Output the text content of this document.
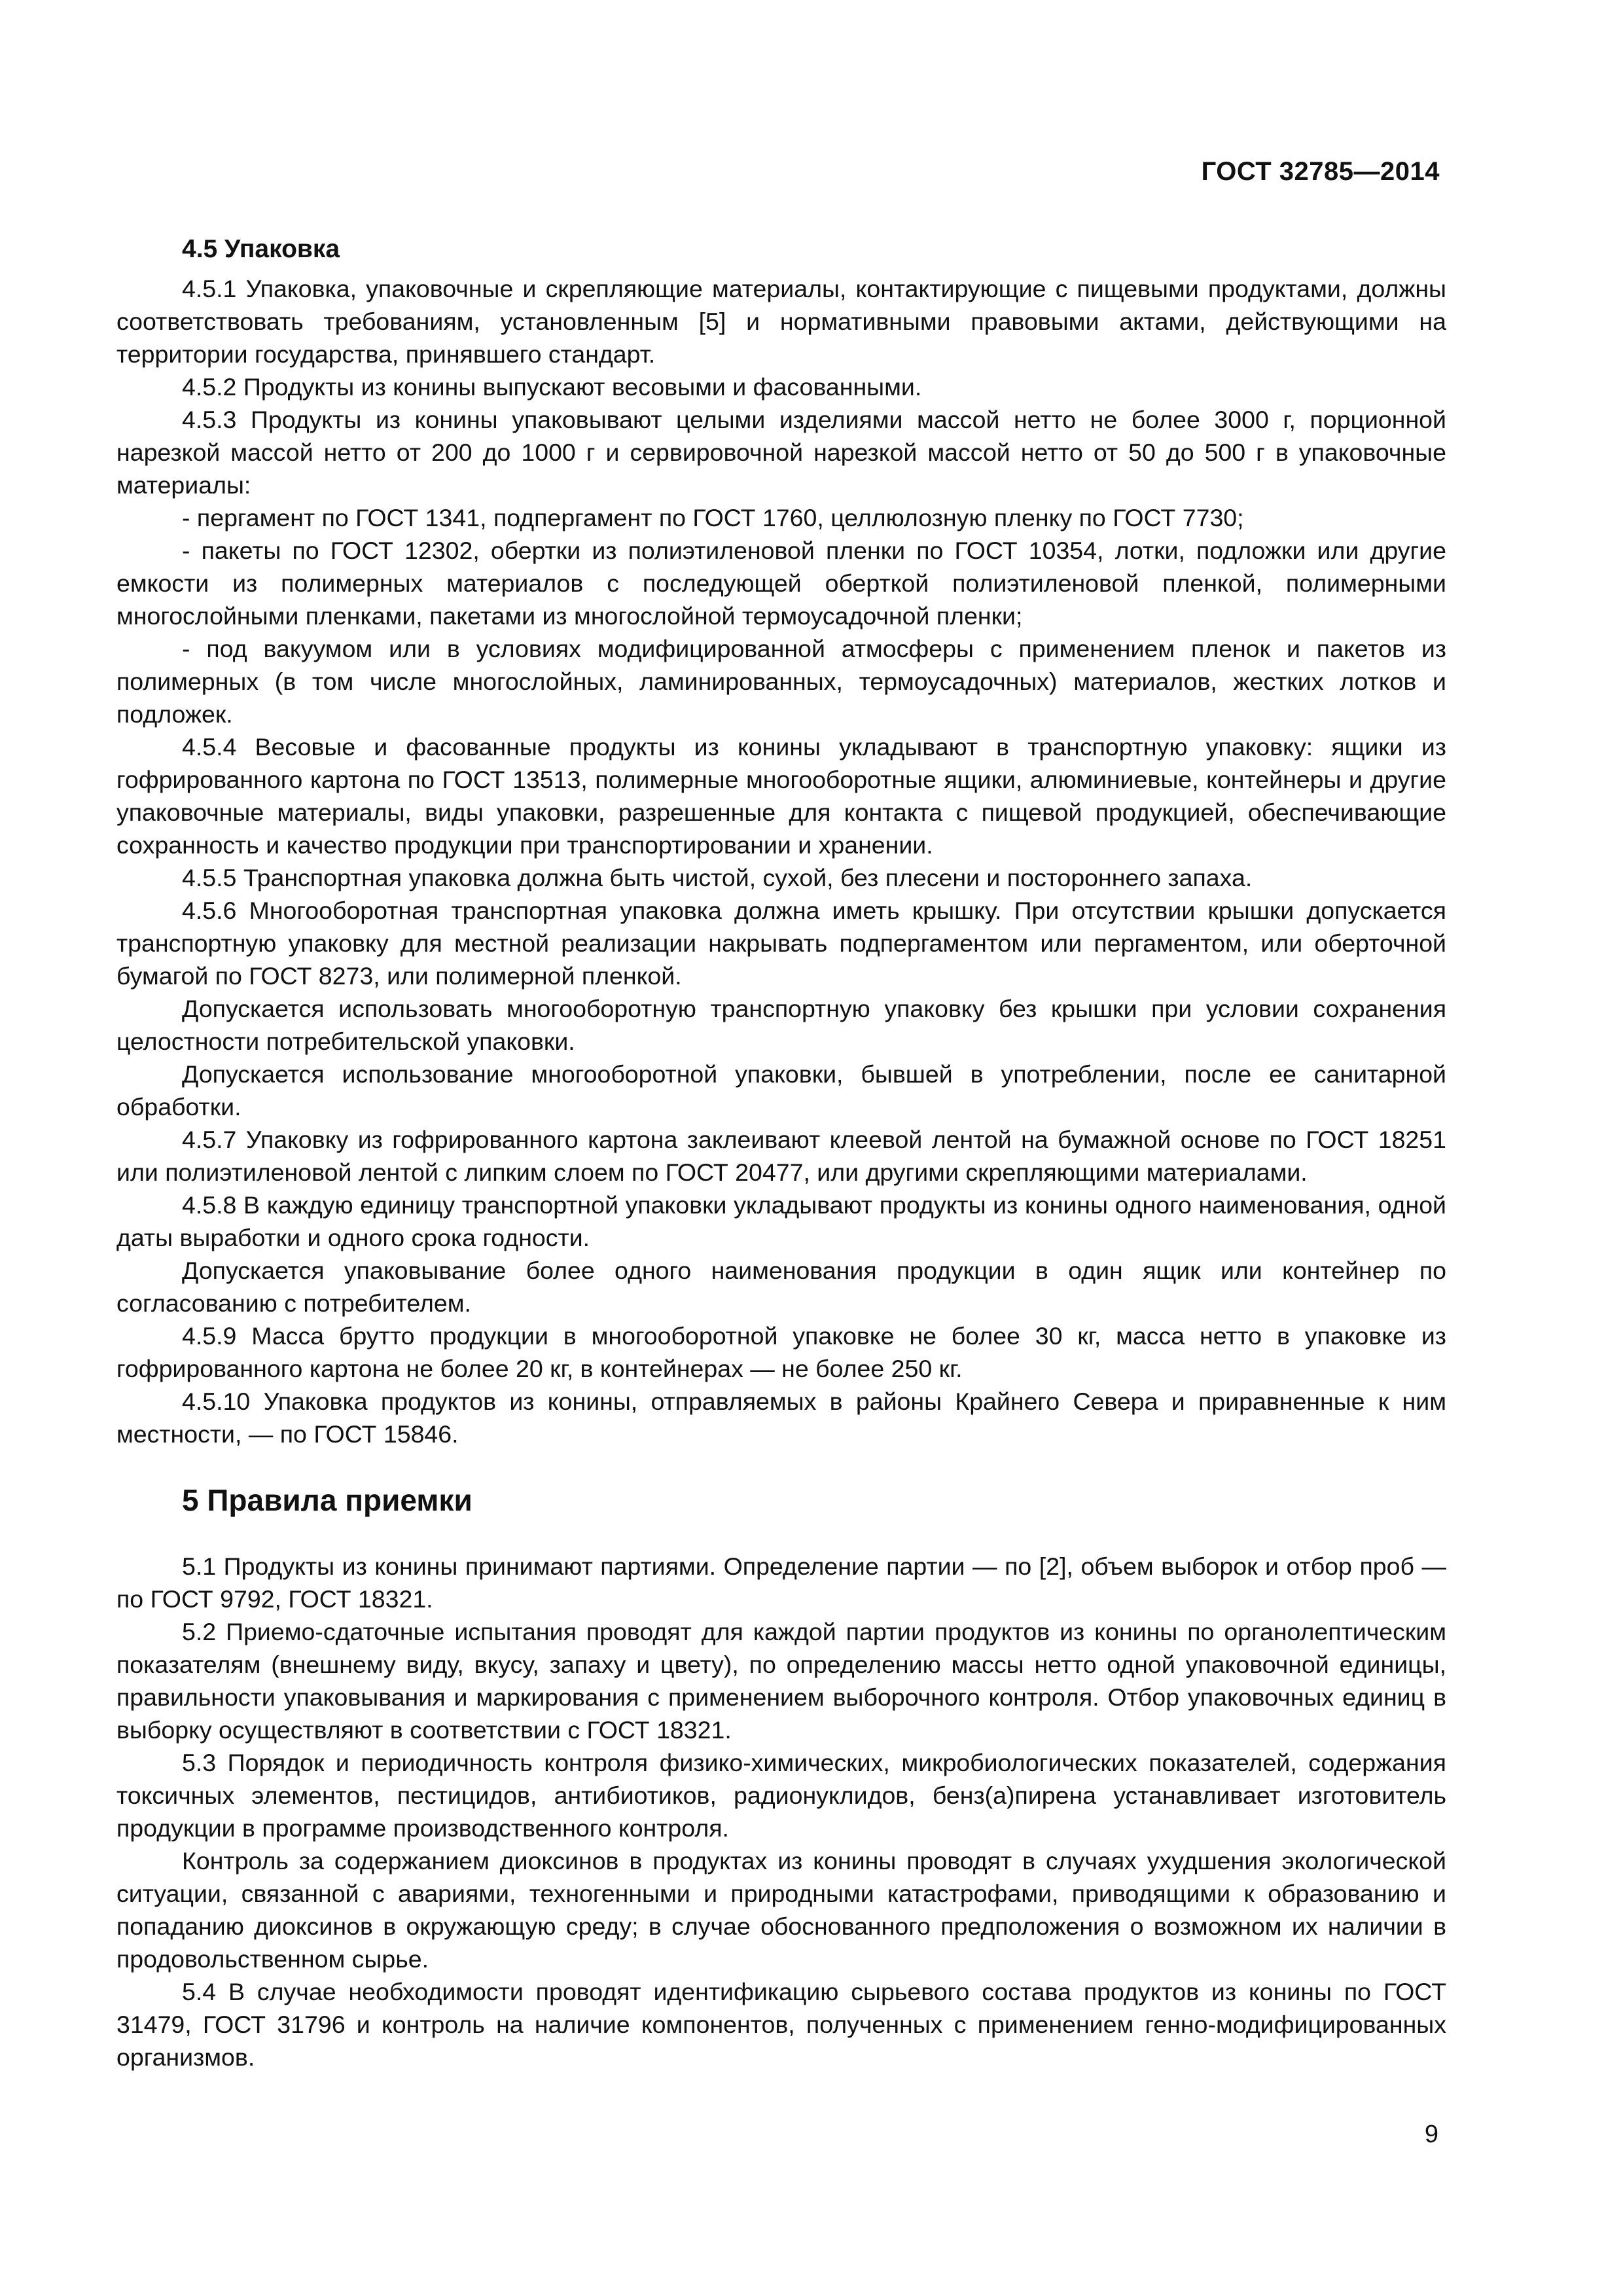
ГОСТ 32785—2014
4.5 Упаковка

4.5.1 Упаковка, упаковочные и скрепляющие материалы, контактирующие с пищевыми продуктами, должны соответствовать требованиям, установленным [5] и нормативными правовыми актами, действующими на территории государства, принявшего стандарт.

4.5.2 Продукты из конины выпускают весовыми и фасованными.

4.5.3 Продукты из конины упаковывают целыми изделиями массой нетто не более 3000 г, порционной нарезкой массой нетто от 200 до 1000 г и сервировочной нарезкой массой нетто от 50 до 500 г в упаковочные материалы:

- пергамент по ГОСТ 1341, подпергамент по ГОСТ 1760, целлюлозную пленку по ГОСТ 7730;

- пакеты по ГОСТ 12302, обертки из полиэтиленовой пленки по ГОСТ 10354, лотки, подложки или другие емкости из полимерных материалов с последующей оберткой полиэтиленовой пленкой, полимерными многослойными пленками, пакетами из многослойной термоусадочной пленки;

- под вакуумом или в условиях модифицированной атмосферы с применением пленок и пакетов из полимерных (в том числе многослойных, ламинированных, термоусадочных) материалов, жестких лотков и подложек.

4.5.4 Весовые и фасованные продукты из конины укладывают в транспортную упаковку: ящики из гофрированного картона по ГОСТ 13513, полимерные многооборотные ящики, алюминиевые, контейнеры и другие упаковочные материалы, виды упаковки, разрешенные для контакта с пищевой продукцией, обеспечивающие сохранность и качество продукции при транспортировании и хранении.

4.5.5 Транспортная упаковка должна быть чистой, сухой, без плесени и постороннего запаха.

4.5.6 Многооборотная транспортная упаковка должна иметь крышку. При отсутствии крышки допускается транспортную упаковку для местной реализации накрывать подпергаментом или пергаментом, или оберточной бумагой по ГОСТ 8273, или полимерной пленкой.

Допускается использовать многооборотную транспортную упаковку без крышки при условии сохранения целостности потребительской упаковки.

Допускается использование многооборотной упаковки, бывшей в употреблении, после ее санитарной обработки.

4.5.7 Упаковку из гофрированного картона заклеивают клеевой лентой на бумажной основе по ГОСТ 18251 или полиэтиленовой лентой с липким слоем по ГОСТ 20477, или другими скрепляющими материалами.

4.5.8 В каждую единицу транспортной упаковки укладывают продукты из конины одного наименования, одной даты выработки и одного срока годности.

Допускается упаковывание более одного наименования продукции в один ящик или контейнер по согласованию с потребителем.

4.5.9 Масса брутто продукции в многооборотной упаковке не более 30 кг, масса нетто в упаковке из гофрированного картона не более 20 кг, в контейнерах — не более 250 кг.

4.5.10 Упаковка продуктов из конины, отправляемых в районы Крайнего Севера и приравненные к ним местности, — по ГОСТ 15846.

5 Правила приемки

5.1 Продукты из конины принимают партиями. Определение партии — по [2], объем выборок и отбор проб — по ГОСТ 9792, ГОСТ 18321.

5.2 Приемо-сдаточные испытания проводят для каждой партии продуктов из конины по органолептическим показателям (внешнему виду, вкусу, запаху и цвету), по определению массы нетто одной упаковочной единицы, правильности упаковывания и маркирования с применением выборочного контроля. Отбор упаковочных единиц в выборку осуществляют в соответствии с ГОСТ 18321.

5.3 Порядок и периодичность контроля физико-химических, микробиологических показателей, содержания токсичных элементов, пестицидов, антибиотиков, радионуклидов, бенз(а)пирена устанавливает изготовитель продукции в программе производственного контроля.

Контроль за содержанием диоксинов в продуктах из конины проводят в случаях ухудшения экологической ситуации, связанной с авариями, техногенными и природными катастрофами, приводящими к образованию и попаданию диоксинов в окружающую среду; в случае обоснованного предположения о возможном их наличии в продовольственном сырье.

5.4 В случае необходимости проводят идентификацию сырьевого состава продуктов из конины по ГОСТ 31479, ГОСТ 31796 и контроль на наличие компонентов, полученных с применением генно-модифицированных организмов.

9
